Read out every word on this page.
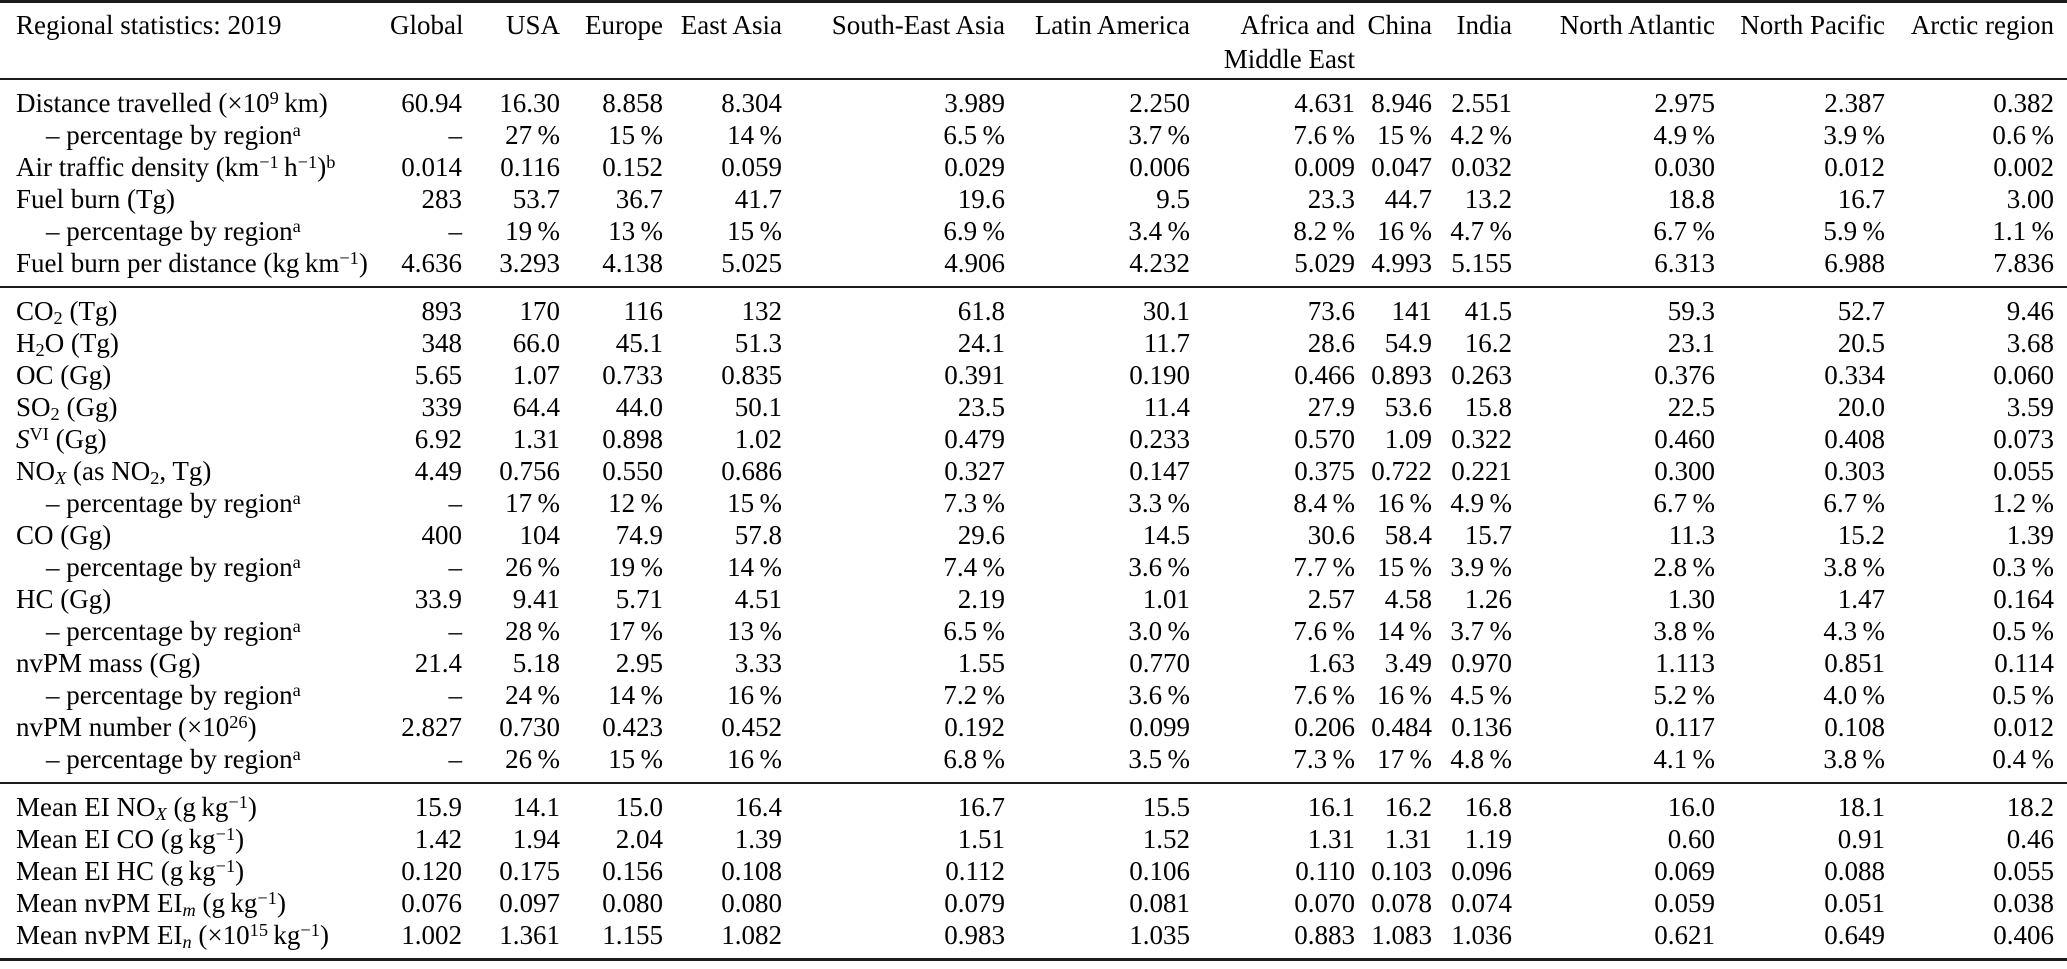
Regional statistics: 2019	Global	USA	Europe	East Asia	South-East Asia	Latin America	Africa and Middle East	China	India	North Atlantic	North Pacific	Arctic region
Distance travelled ($\times 10^9$ km)	60.94	16.30	8.858	8.304	3.989	2.250	4.631	8.946	2.551	2.975	2.387	0.382
– percentage by region$^a$	–	27 %	15 %	14 %	6.5 %	3.7 %	7.6 %	15 %	4.2 %	4.9 %	3.9 %	0.6 %
Air traffic density ($km^{-1}$ $h^{-1})^b$	0.014	0.116	0.152	0.059	0.029	0.006	0.009	0.047	0.032	0.030	0.012	0.002
Fuel burn (Tg)	283	53.7	36.7	41.7	19.6	9.5	23.3	44.7	13.2	18.8	16.7	3.00
– percentage by region$^a$	–	19 %	13 %	15 %	6.9 %	3.4 %	8.2 %	16 %	4.7 %	6.7 %	5.9 %	1.1 %
Fuel burn per distance (kg $km^{-1}$)	4.636	3.293	4.138	5.025	4.906	4.232	5.029	4.993	5.155	6.313	6.988	7.836
$CO_2$ (Tg)	893	170	116	132	61.8	30.1	73.6	141	41.5	59.3	52.7	9.46
$H_2O$ (Tg)	348	66.0	45.1	51.3	24.1	11.7	28.6	54.9	16.2	23.1	20.5	3.68
OC (Gg)	5.65	1.07	0.733	0.835	0.391	0.190	0.466	0.893	0.263	0.376	0.334	0.060
$SO_2$ (Gg)	339	64.4	44.0	50.1	23.5	11.4	27.9	53.6	15.8	22.5	20.0	3.59
$S^{VI}$ (Gg)	6.92	1.31	0.898	1.02	0.479	0.233	0.570	1.09	0.322	0.460	0.408	0.073
$NO_X$ (as $NO_2$, Tg)	4.49	0.756	0.550	0.686	0.327	0.147	0.375	0.722	0.221	0.300	0.303	0.055
– percentage by region$^a$	–	17 %	12 %	15 %	7.3 %	3.3 %	8.4 %	16 %	4.9 %	6.7 %	6.7 %	1.2 %
CO (Gg)	400	104	74.9	57.8	29.6	14.5	30.6	58.4	15.7	11.3	15.2	1.39
– percentage by region$^a$	–	26 %	19 %	14 %	7.4 %	3.6 %	7.7 %	15 %	3.9 %	2.8 %	3.8 %	0.3 %
HC (Gg)	33.9	9.41	5.71	4.51	2.19	1.01	2.57	4.58	1.26	1.30	1.47	0.164
– percentage by region$^a$	–	28 %	17 %	13 %	6.5 %	3.0 %	7.6 %	14 %	3.7 %	3.8 %	4.3 %	0.5 %
nvPM mass (Gg)	21.4	5.18	2.95	3.33	1.55	0.770	1.63	3.49	0.970	1.113	0.851	0.114
– percentage by region$^a$	–	24 %	14 %	16 %	7.2 %	3.6 %	7.6 %	16 %	4.5 %	5.2 %	4.0 %	0.5 %
nvPM number $(\times 10^{26})$	2.827	0.730	0.423	0.452	0.192	0.099	0.206	0.484	0.136	0.117	0.108	0.012
– percentage by region$^a$	–	26 %	15 %	16 %	6.8 %	3.5 %	7.3 %	17 %	4.8 %	4.1 %	3.8 %	0.4 %
Mean EI $NO_X$ (g $kg^{-1}$)	15.9	14.1	15.0	16.4	16.7	15.5	16.1	16.2	16.8	16.0	18.1	18.2
Mean EI CO (g $kg^{-1}$)	1.42	1.94	2.04	1.39	1.51	1.52	1.31	1.31	1.19	0.60	0.91	0.46
Mean EI HC (g $kg^{-1}$)	0.120	0.175	0.156	0.108	0.112	0.106	0.110	0.103	0.096	0.069	0.088	0.055
Mean nvPM $EI_m$ (g $kg^{-1}$)	0.076	0.097	0.080	0.080	0.079	0.081	0.070	0.078	0.074	0.059	0.051	0.038
Mean nvPM $EI_n$ ($\times 10^{15}$ $kg^{-1}$)	1.002	1.361	1.155	1.082	0.983	1.035	0.883	1.083	1.036	0.621	0.649	0.406
